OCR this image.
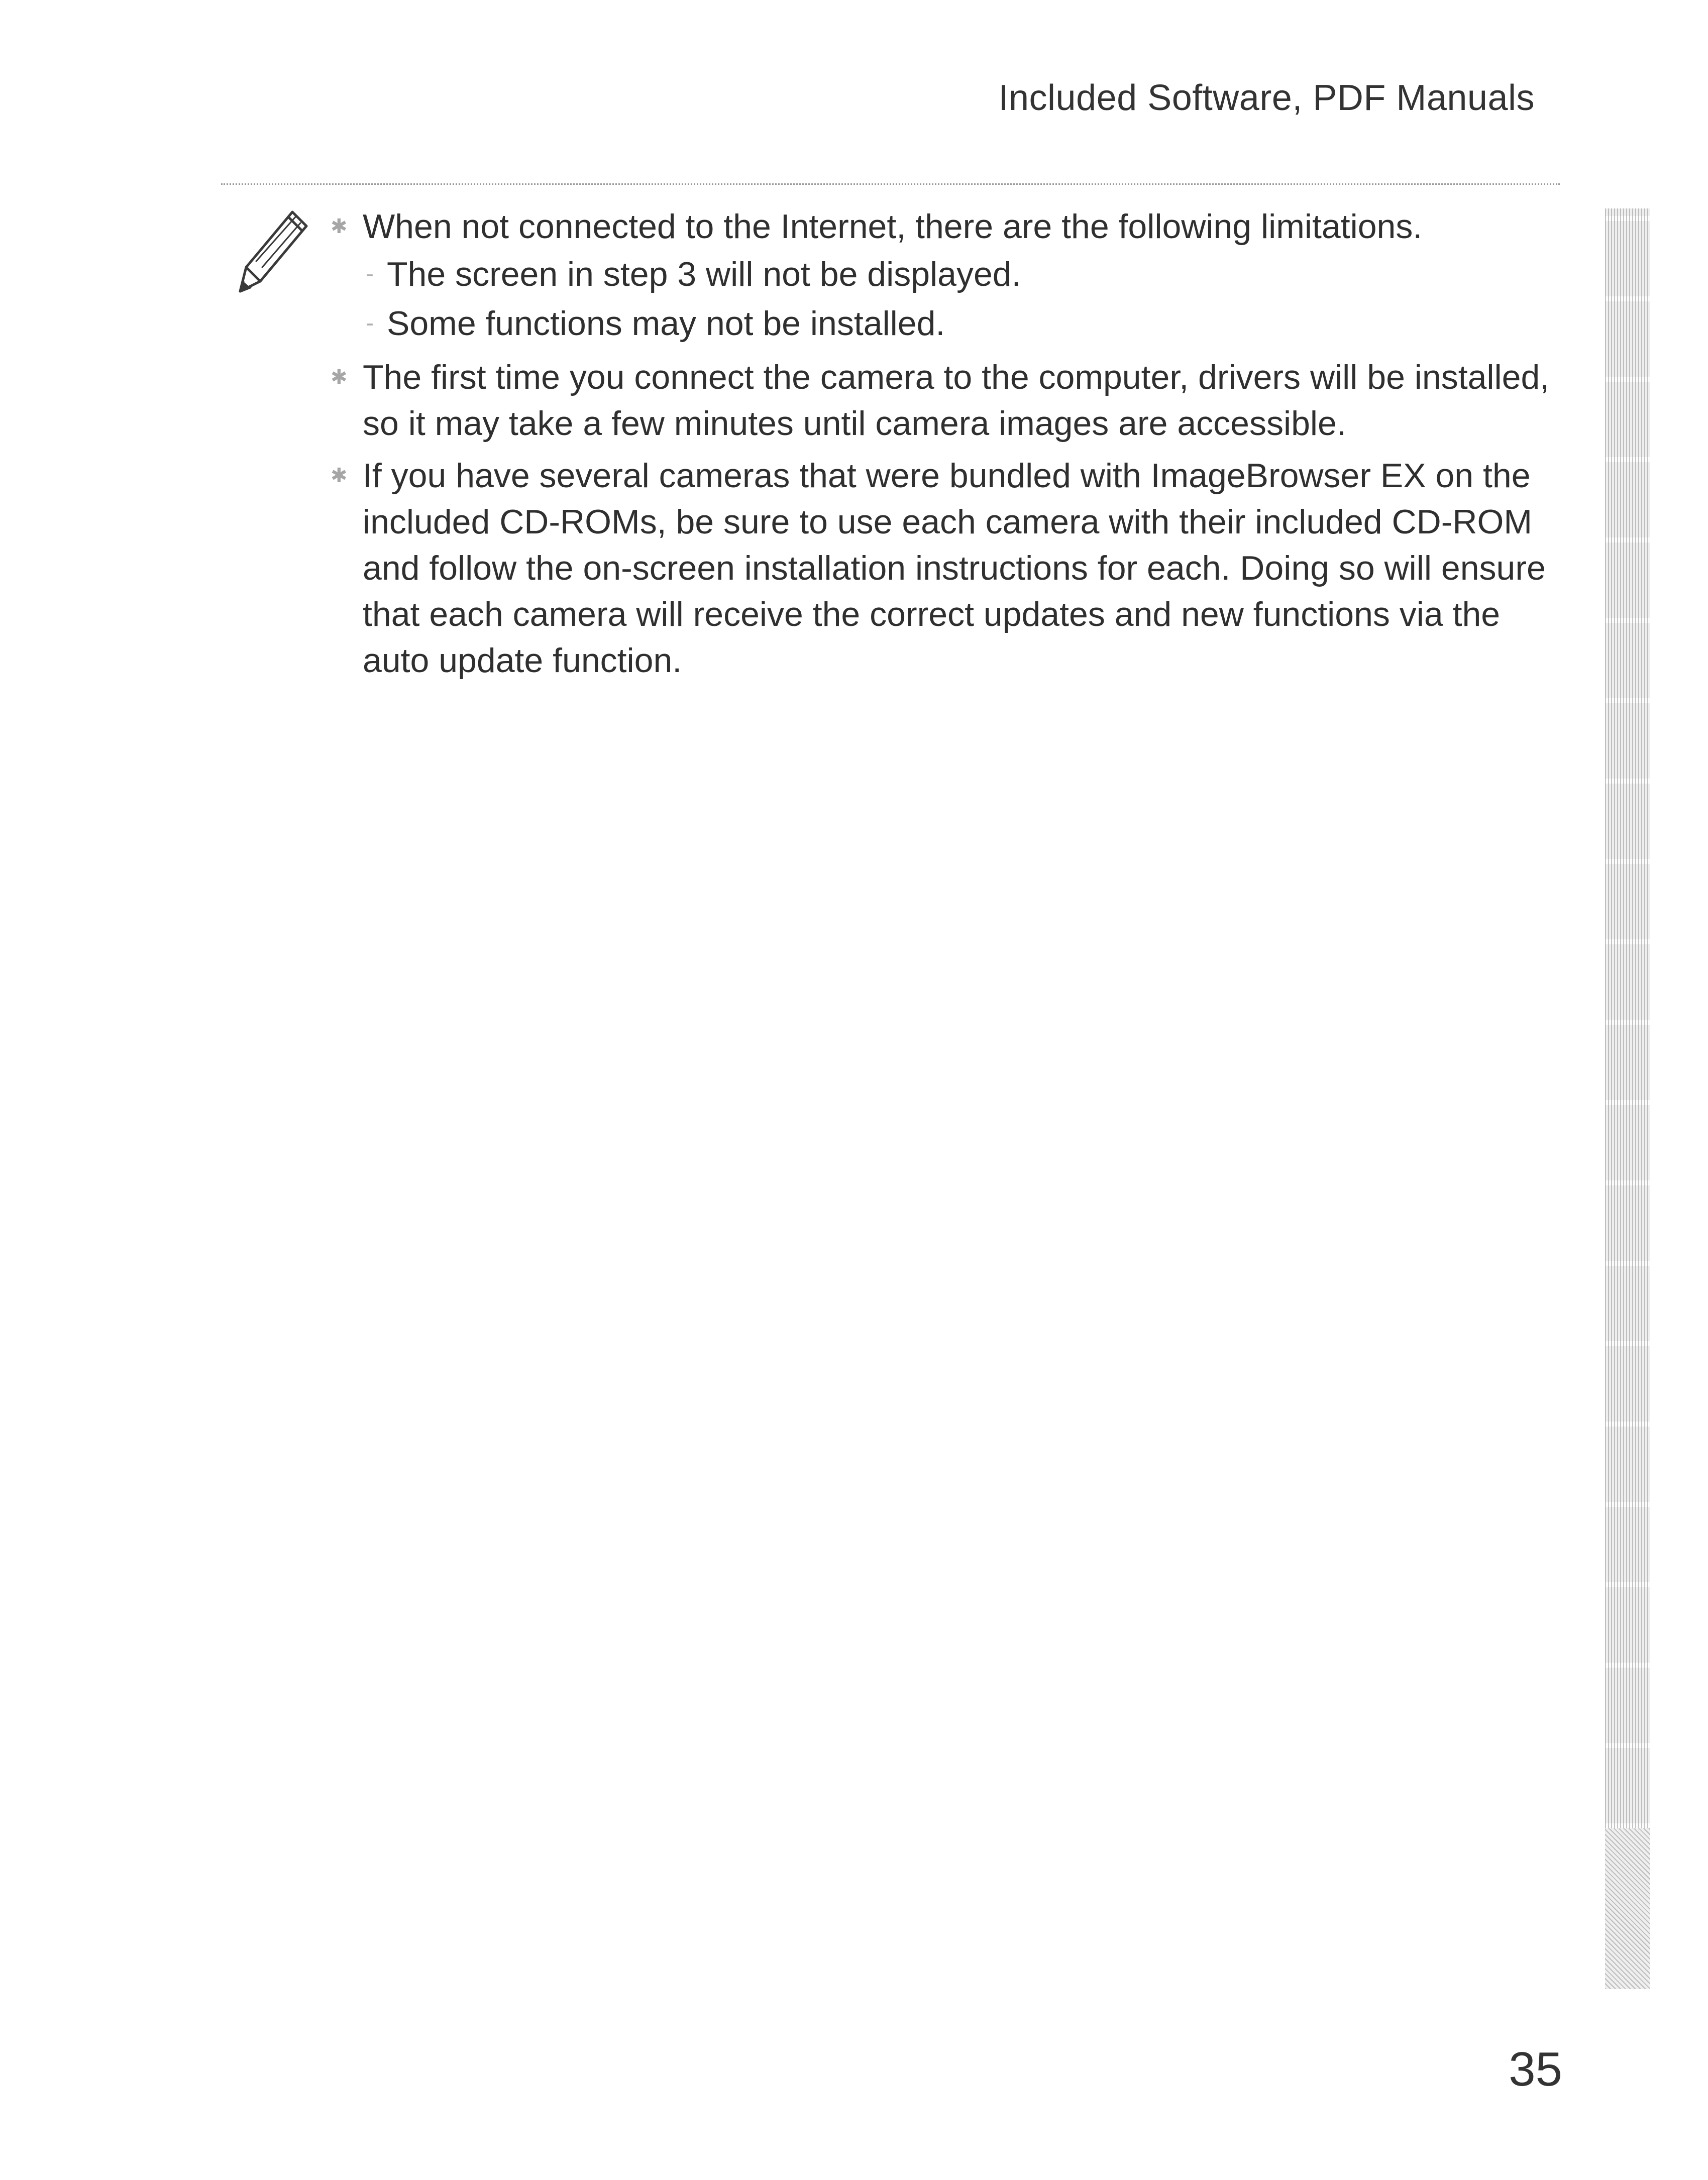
Included Software, PDF Manuals
✱ When not connected to the Internet, there are the following limitations.
- The screen in step 3 will not be displayed.
- Some functions may not be installed.
✱ The first time you connect the camera to the computer, drivers will be installed, so it may take a few minutes until camera images are accessible.
✱ If you have several cameras that were bundled with ImageBrowser EX on the included CD-ROMs, be sure to use each camera with their included CD-ROM and follow the on-screen installation instructions for each. Doing so will ensure that each camera will receive the correct updates and new functions via the auto update function.
35
